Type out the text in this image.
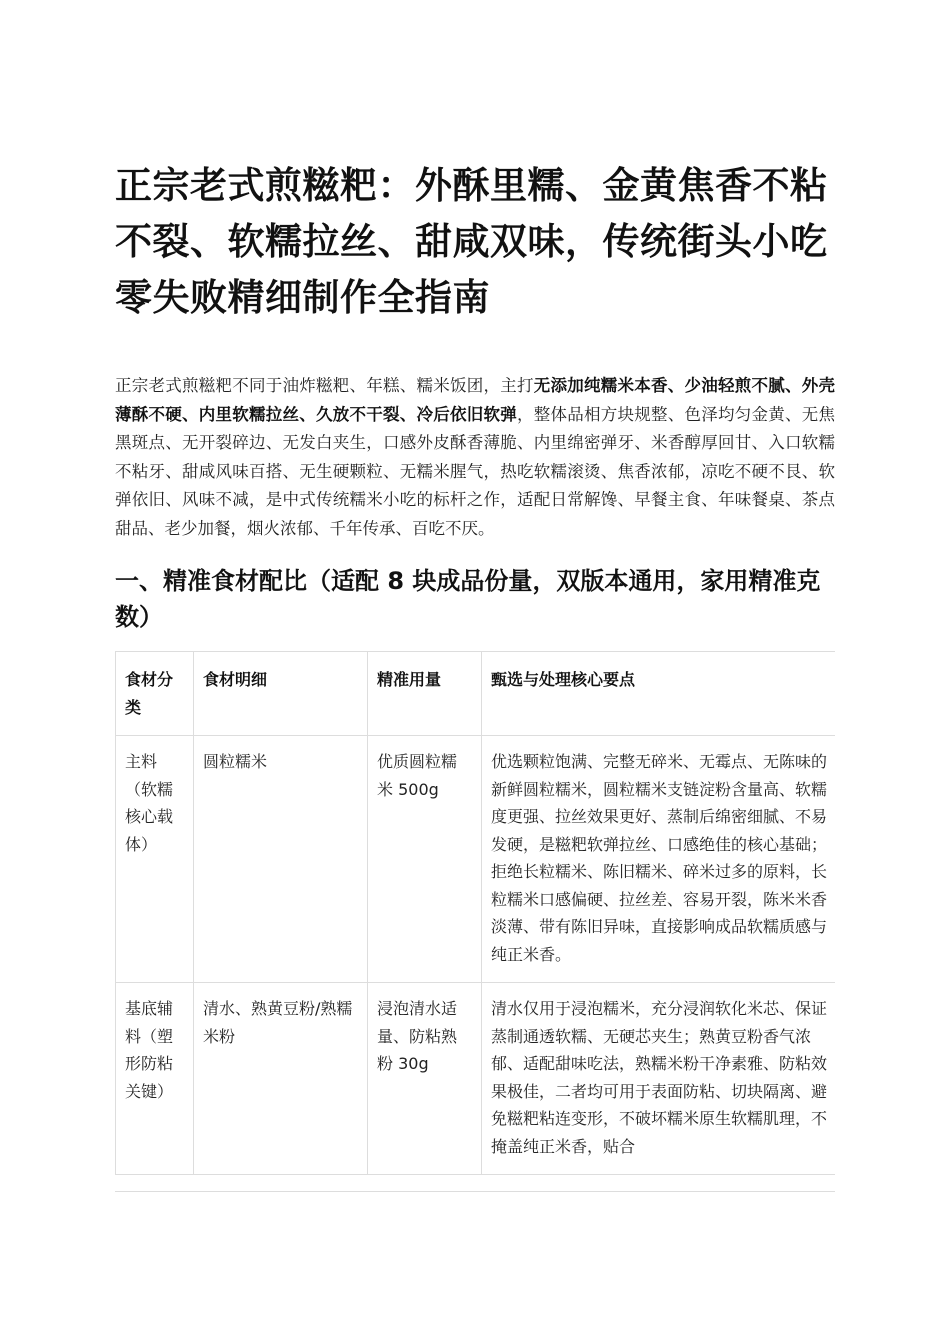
正宗老式煎糍粑：外酥里糯、金黄焦香不粘不裂、软糯拉丝、甜咸双味，传统街头小吃零失败精细制作全指南

正宗老式煎糍粑不同于油炸糍粑、年糕、糯米饭团，主打无添加纯糯米本香、少油轻煎不腻、外壳薄酥不硬、内里软糯拉丝、久放不干裂、冷后依旧软弹，整体品相方块规整、色泽均匀金黄、无焦黑斑点、无开裂碎边、无发白夹生，口感外皮酥香薄脆、内里绵密弹牙、米香醇厚回甘、入口软糯不粘牙、甜咸风味百搭、无生硬颗粒、无糯米腥气，热吃软糯滚烫、焦香浓郁，凉吃不硬不艮、软弹依旧、风味不减，是中式传统糯米小吃的标杆之作，适配日常解馋、早餐主食、年味餐桌、茶点甜品、老少加餐，烟火浓郁、千年传承、百吃不厌。

一、精准食材配比（适配 8 块成品份量，双版本通用，家用精准克数）
食材分类	食材明细	精准用量	甄选与处理核心要点
主料（软糯核心载体）	圆粒糯米	优质圆粒糯米 500g	优选颗粒饱满、完整无碎米、无霉点、无陈味的新鲜圆粒糯米，圆粒糯米支链淀粉含量高、软糯度更强、拉丝效果更好、蒸制后绵密细腻、不易发硬，是糍粑软弹拉丝、口感绝佳的核心基础；拒绝长粒糯米、陈旧糯米、碎米过多的原料，长粒糯米口感偏硬、拉丝差、容易开裂，陈米米香淡薄、带有陈旧异味，直接影响成品软糯质感与纯正米香。
基底辅料（塑形防粘关键）	清水、熟黄豆粉/熟糯米粉	浸泡清水适量、防粘熟粉 30g	清水仅用于浸泡糯米，充分浸润软化米芯、保证蒸制通透软糯、无硬芯夹生；熟黄豆粉香气浓郁、适配甜味吃法，熟糯米粉干净素雅、防粘效果极佳，二者均可用于表面防粘、切块隔离、避免糍粑粘连变形，不破坏糯米原生软糯肌理，不掩盖纯正米香，贴合
